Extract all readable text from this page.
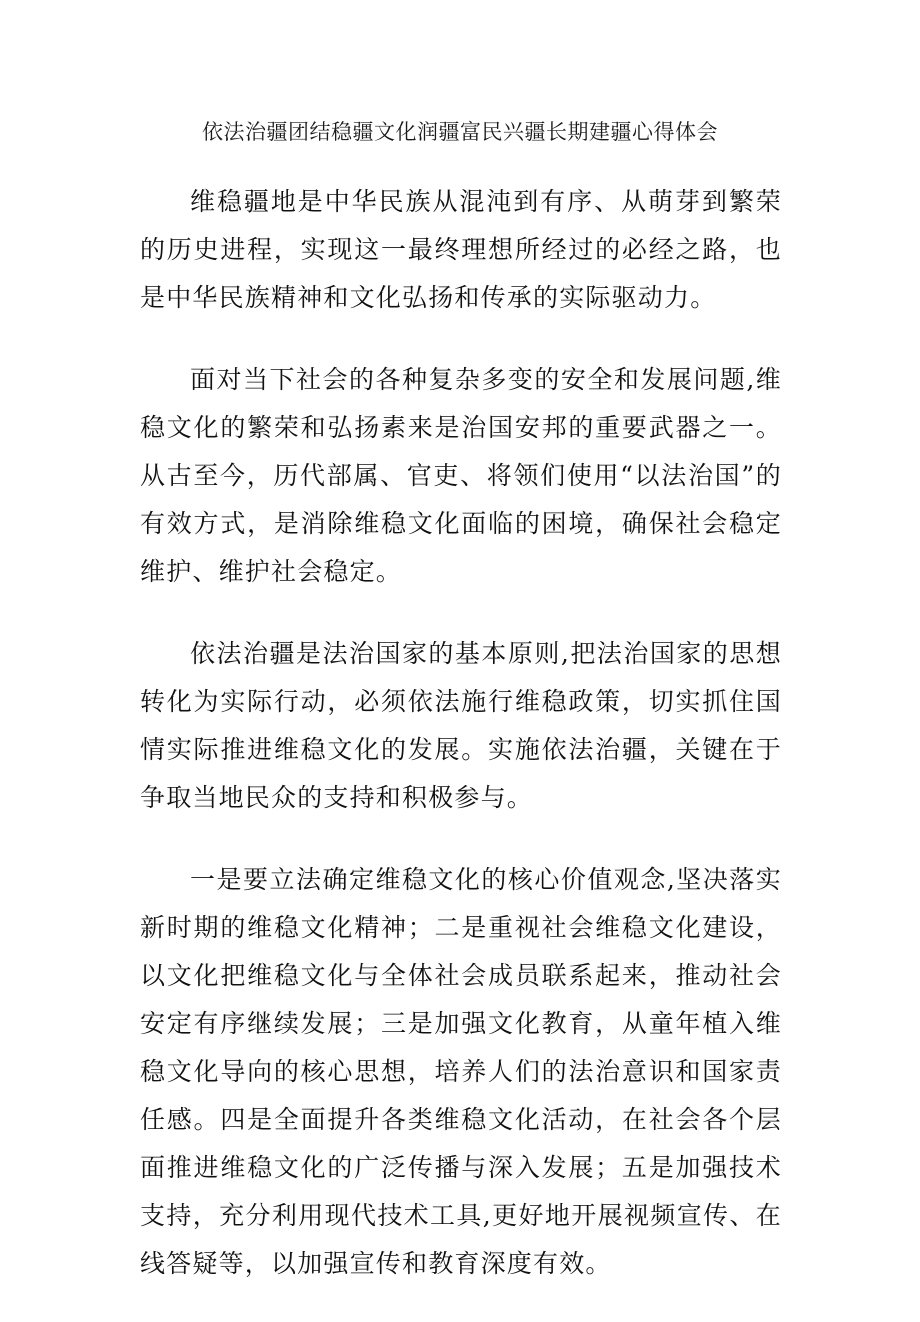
依法治疆团结稳疆文化润疆富民兴疆长期建疆心得体会

维稳疆地是中华民族从混沌到有序、从萌芽到繁荣的历史进程，实现这一最终理想所经过的必经之路，也是中华民族精神和文化弘扬和传承的实际驱动力。

面对当下社会的各种复杂多变的安全和发展问题,维稳文化的繁荣和弘扬素来是治国安邦的重要武器之一。从古至今，历代部属、官吏、将领们使用“以法治国”的有效方式，是消除维稳文化面临的困境，确保社会稳定维护、维护社会稳定。

依法治疆是法治国家的基本原则,把法治国家的思想转化为实际行动，必须依法施行维稳政策，切实抓住国情实际推进维稳文化的发展。实施依法治疆，关键在于争取当地民众的支持和积极参与。

一是要立法确定维稳文化的核心价值观念,坚决落实新时期的维稳文化精神；二是重视社会维稳文化建设，以文化把维稳文化与全体社会成员联系起来，推动社会安定有序继续发展；三是加强文化教育，从童年植入维稳文化导向的核心思想，培养人们的法治意识和国家责任感。四是全面提升各类维稳文化活动，在社会各个层面推进维稳文化的广泛传播与深入发展；五是加强技术支持，充分利用现代技术工具,更好地开展视频宣传、在线答疑等，以加强宣传和教育深度有效。
